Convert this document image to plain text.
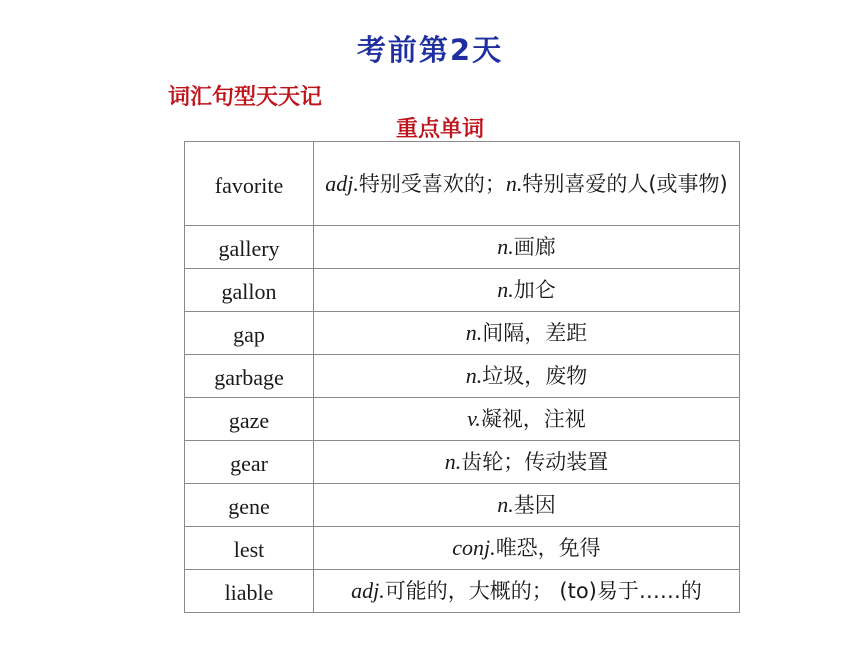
考前第2天
词汇句型天天记
重点单词
favorite	adj.特别受喜欢的；n.特别喜爱的人(或事物)
gallery	n.画廊
gallon	n.加仑
gap	n.间隔，差距
garbage	n.垃圾，废物
gaze	v.凝视，注视
gear	n.齿轮；传动装置
gene	n.基因
lest	conj.唯恐，免得
liable	adj.可能的，大概的； (to)易于……的
